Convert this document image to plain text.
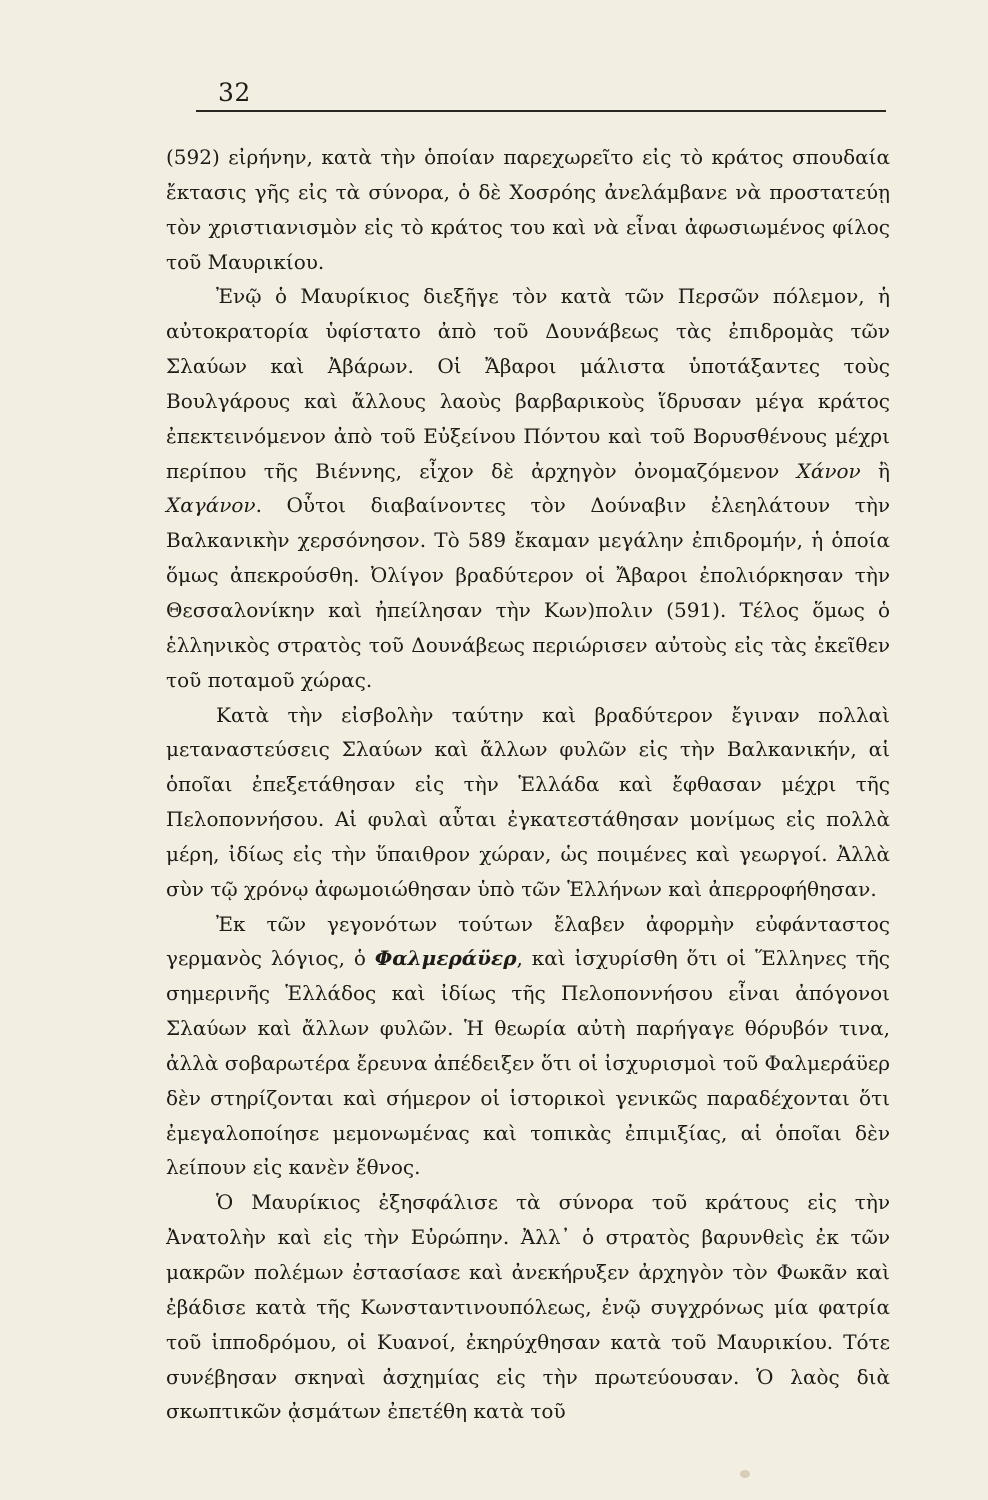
32

(592) εἰρήνην, κατὰ τὴν ὁποίαν παρεχωρεῖτο εἰς τὸ κράτος σπουδαία ἔκτασις γῆς εἰς τὰ σύνορα, ὁ δὲ Χοσρόης ἀνελάμβανε νὰ προστατεύῃ τὸν χριστιανισμὸν εἰς τὸ κράτος του καὶ νὰ εἶναι ἀφωσιωμένος φίλος τοῦ Μαυρικίου.

Ἐνῷ ὁ Μαυρίκιος διεξῆγε τὸν κατὰ τῶν Περσῶν πόλεμον, ἡ αὐτοκρατορία ὑφίστατο ἀπὸ τοῦ Δουνάβεως τὰς ἐπιδρομὰς τῶν Σλαύων καὶ Ἀβάρων. Οἱ Ἄβαροι μάλιστα ὑποτάξαντες τοὺς Βουλγάρους καὶ ἄλλους λαοὺς βαρβαρικοὺς ἵδρυσαν μέγα κράτος ἐπεκτεινόμενον ἀπὸ τοῦ Εὐξείνου Πόντου καὶ τοῦ Βορυσθένους μέχρι περίπου τῆς Βιέννης, εἶχον δὲ ἀρχηγὸν ὀνομαζόμενον Χάνον ἢ Χαγάνον. Οὗτοι διαβαίνοντες τὸν Δούναβιν ἐλεηλάτουν τὴν Βαλκανικὴν χερσόνησον. Τὸ 589 ἔκαμαν μεγάλην ἐπιδρομήν, ἡ ὁποία ὅμως ἀπεκρούσθη. Ὀλίγον βραδύτερον οἱ Ἄβαροι ἐπολιόρκησαν τὴν Θεσσαλονίκην καὶ ἠπείλησαν τὴν Κων)πολιν (591). Τέλος ὅμως ὁ ἑλληνικὸς στρατὸς τοῦ Δουνάβεως περιώρισεν αὐτοὺς εἰς τὰς ἐκεῖθεν τοῦ ποταμοῦ χώρας.

Κατὰ τὴν εἰσβολὴν ταύτην καὶ βραδύτερον ἔγιναν πολλαὶ μεταναστεύσεις Σλαύων καὶ ἄλλων φυλῶν εἰς τὴν Βαλκανικήν, αἱ ὁποῖαι ἐπεξετάθησαν εἰς τὴν Ἑλλάδα καὶ ἔφθασαν μέχρι τῆς Πελοποννήσου. Αἱ φυλαὶ αὗται ἐγκατεστάθησαν μονίμως εἰς πολλὰ μέρη, ἰδίως εἰς τὴν ὕπαιθρον χώραν, ὡς ποιμένες καὶ γεωργοί. Ἀλλὰ σὺν τῷ χρόνῳ ἀφωμοιώθησαν ὑπὸ τῶν Ἑλλήνων καὶ ἀπερροφήθησαν.

Ἐκ τῶν γεγονότων τούτων ἔλαβεν ἀφορμὴν εὐφάνταστος γερμανὸς λόγιος, ὁ Φαλμεράϋερ, καὶ ἰσχυρίσθη ὅτι οἱ Ἕλληνες τῆς σημερινῆς Ἑλλάδος καὶ ἰδίως τῆς Πελοποννήσου εἶναι ἀπόγονοι Σλαύων καὶ ἄλλων φυλῶν. Ἡ θεωρία αὐτὴ παρήγαγε θόρυβόν τινα, ἀλλὰ σοβαρωτέρα ἔρευνα ἀπέδειξεν ὅτι οἱ ἰσχυρισμοὶ τοῦ Φαλμεράϋερ δὲν στηρίζονται καὶ σήμερον οἱ ἱστορικοὶ γενικῶς παραδέχονται ὅτι ἐμεγαλοποίησε μεμονωμένας καὶ τοπικὰς ἐπιμιξίας, αἱ ὁποῖαι δὲν λείπουν εἰς κανὲν ἔθνος.

Ὁ Μαυρίκιος ἐξησφάλισε τὰ σύνορα τοῦ κράτους εἰς τὴν Ἀνατολὴν καὶ εἰς τὴν Εὐρώπην. Ἀλλ᾽ ὁ στρατὸς βαρυνθεὶς ἐκ τῶν μακρῶν πολέμων ἐστασίασε καὶ ἀνεκήρυξεν ἀρχηγὸν τὸν Φωκᾶν καὶ ἐβάδισε κατὰ τῆς Κωνσταντινουπόλεως, ἐνῷ συγχρόνως μία φατρία τοῦ ἱπποδρόμου, οἱ Κυανοί, ἐκηρύχθησαν κατὰ τοῦ Μαυρικίου. Τότε συνέβησαν σκηναὶ ἀσχημίας εἰς τὴν πρωτεύουσαν. Ὁ λαὸς διὰ σκωπτικῶν ᾀσμάτων ἐπετέθη κατὰ τοῦ
